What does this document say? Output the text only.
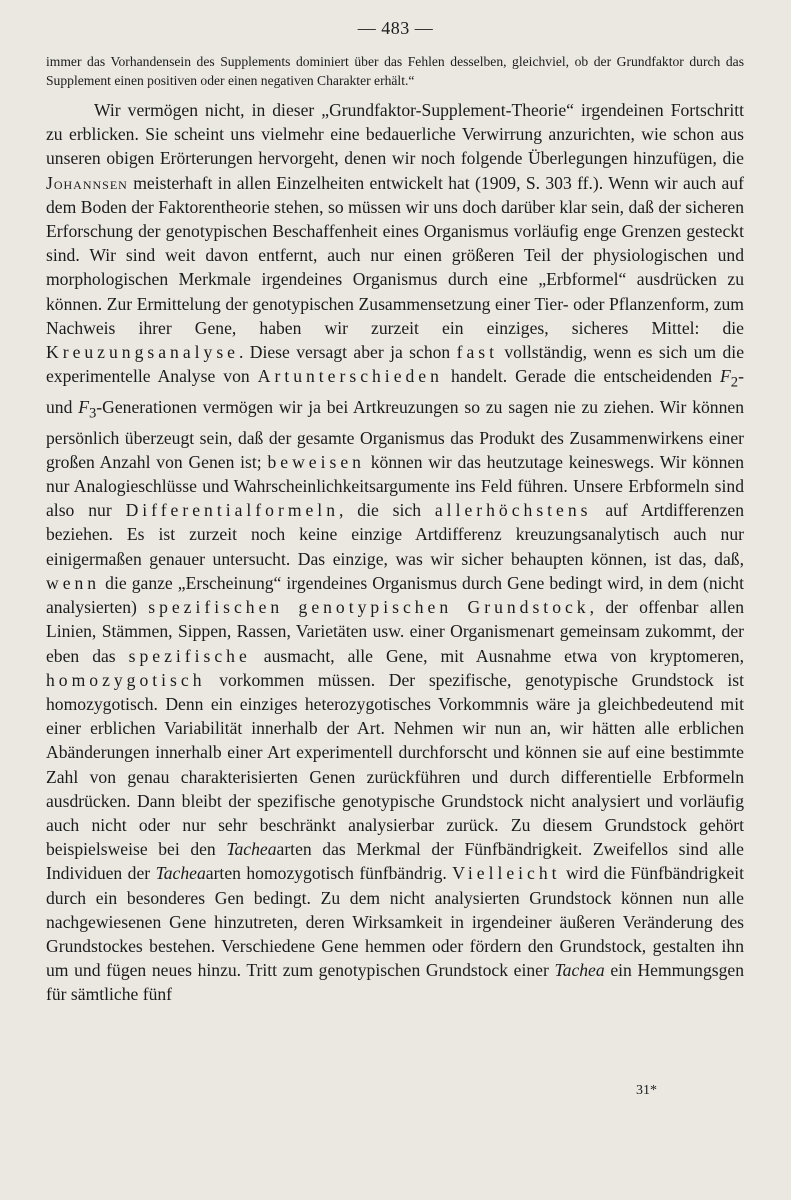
— 483 —

immer das Vorhandensein des Supplements dominiert über das Fehlen desselben, gleichviel, ob der Grundfaktor durch das Supplement einen positiven oder einen negativen Charakter erhält.“

Wir vermögen nicht, in dieser „Grundfaktor-Supplement-Theorie“ irgendeinen Fortschritt zu erblicken. Sie scheint uns vielmehr eine bedauerliche Verwirrung anzurichten, wie schon aus unseren obigen Erörterungen hervorgeht, denen wir noch folgende Überlegungen hinzufügen, die Johannsen meisterhaft in allen Einzelheiten entwickelt hat (1909, S. 303 ff.). Wenn wir auch auf dem Boden der Faktorentheorie stehen, so müssen wir uns doch darüber klar sein, daß der sicheren Erforschung der genotypischen Beschaffenheit eines Organismus vorläufig enge Grenzen gesteckt sind. Wir sind weit davon entfernt, auch nur einen größeren Teil der physiologischen und morphologischen Merkmale irgendeines Organismus durch eine „Erbformel“ ausdrücken zu können. Zur Ermittelung der genotypischen Zusammensetzung einer Tier- oder Pflanzenform, zum Nachweis ihrer Gene, haben wir zurzeit ein einziges, sicheres Mittel: die Kreuzungsanalyse. Diese versagt aber ja schon fast vollständig, wenn es sich um die experimentelle Analyse von Artunterschieden handelt. Gerade die entscheidenden $F_2-$ und $F_3$-Generationen vermögen wir ja bei Artkreuzungen so zu sagen nie zu ziehen. Wir können persönlich überzeugt sein, daß der gesamte Organismus das Produkt des Zusammenwirkens einer großen Anzahl von Genen ist; beweisen können wir das heutzutage keineswegs. Wir können nur Analogieschlüsse und Wahrscheinlichkeitsargumente ins Feld führen. Unsere Erbformeln sind also nur Differentialformeln, die sich allerhöchstens auf Artdifferenzen beziehen. Es ist zurzeit noch keine einzige Artdifferenz kreuzungsanalytisch auch nur einigermaßen genauer untersucht. Das einzige, was wir sicher behaupten können, ist das, daß, wenn die ganze „Erscheinung“ irgendeines Organismus durch Gene bedingt wird, in dem (nicht analysierten) spezifischen genotypischen Grundstock, der offenbar allen Linien, Stämmen, Sippen, Rassen, Varietäten usw. einer Organismenart gemeinsam zukommt, der eben das spezifische ausmacht, alle Gene, mit Ausnahme etwa von kryptomeren, homozygotisch vorkommen müssen. Der spezifische, genotypische Grundstock ist homozygotisch. Denn ein einziges heterozygotisches Vorkommnis wäre ja gleichbedeutend mit einer erblichen Variabilität innerhalb der Art. Nehmen wir nun an, wir hätten alle erblichen Abänderungen innerhalb einer Art experimentell durchforscht und können sie auf eine bestimmte Zahl von genau charakterisierten Genen zurückführen und durch differentielle Erbformeln ausdrücken. Dann bleibt der spezifische genotypische Grundstock nicht analysiert und vorläufig auch nicht oder nur sehr beschränkt analysierbar zurück. Zu diesem Grundstock gehört beispielsweise bei den Tacheaarten das Merkmal der Fünfbändrigkeit. Zweifellos sind alle Individuen der Tacheaarten homozygotisch fünfbändrig. Vielleicht wird die Fünfbändrigkeit durch ein besonderes Gen bedingt. Zu dem nicht analysierten Grundstock können nun alle nachgewiesenen Gene hinzutreten, deren Wirksamkeit in irgendeiner äußeren Veränderung des Grundstockes bestehen. Verschiedene Gene hemmen oder fördern den Grundstock, gestalten ihn um und fügen neues hinzu. Tritt zum genotypischen Grundstock einer Tachea ein Hemmungsgen für sämtliche fünf

31*
